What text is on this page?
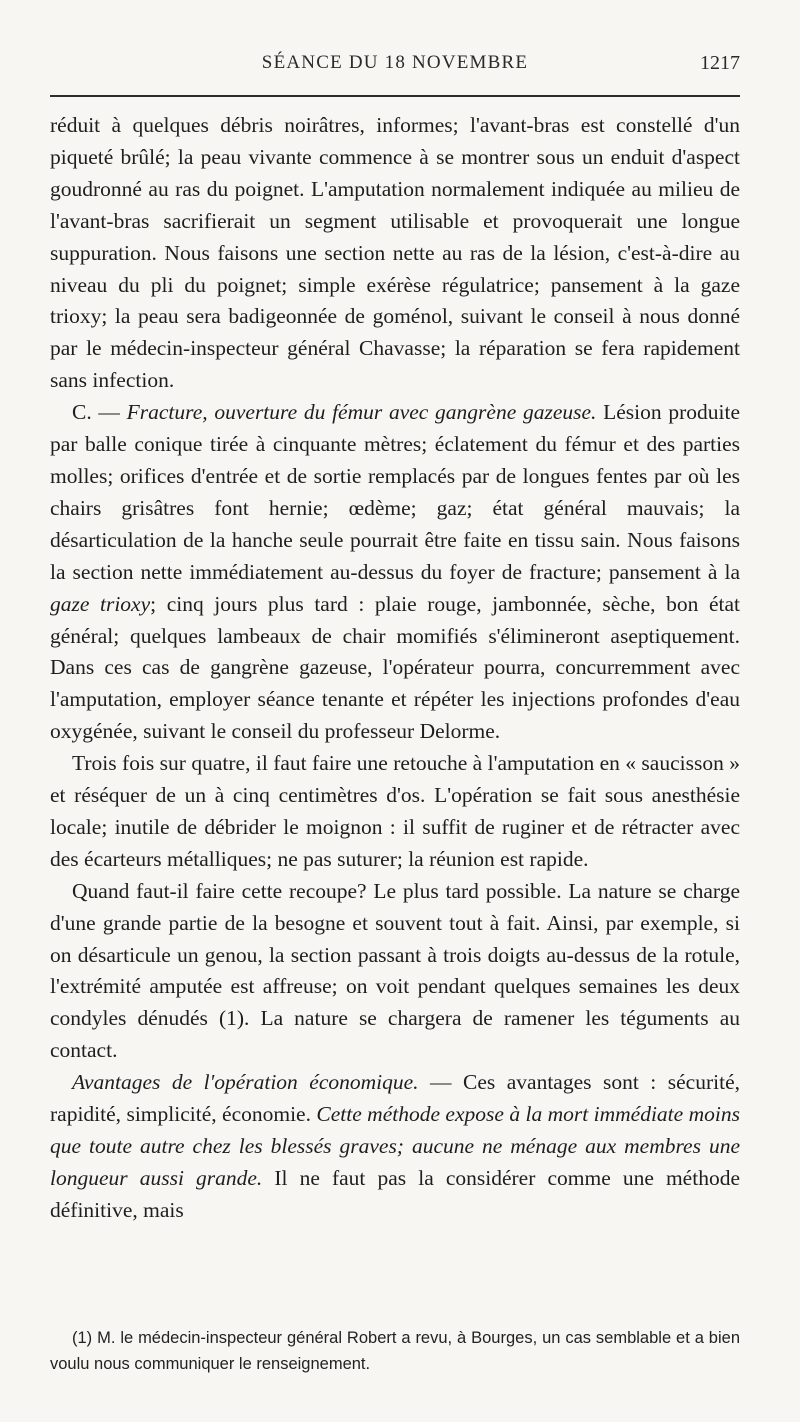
SÉANCE DU 18 NOVEMBRE	1217

réduit à quelques débris noirâtres, informes; l'avant-bras est constellé d'un piqueté brûlé; la peau vivante commence à se montrer sous un enduit d'aspect goudronné au ras du poignet. L'amputation normalement indiquée au milieu de l'avant-bras sacrifierait un segment utilisable et provoquerait une longue suppuration. Nous faisons une section nette au ras de la lésion, c'est-à-dire au niveau du pli du poignet; simple exérèse régulatrice; pansement à la gaze trioxy; la peau sera badigeonnée de goménol, suivant le conseil à nous donné par le médecin-inspecteur général Chavasse; la réparation se fera rapidement sans infection.

C. — Fracture, ouverture du fémur avec gangrène gazeuse. Lésion produite par balle conique tirée à cinquante mètres; éclatement du fémur et des parties molles; orifices d'entrée et de sortie remplacés par de longues fentes par où les chairs grisâtres font hernie; œdème; gaz; état général mauvais; la désarticulation de la hanche seule pourrait être faite en tissu sain. Nous faisons la section nette immédiatement au-dessus du foyer de fracture; pansement à la gaze trioxy; cinq jours plus tard : plaie rouge, jambonnée, sèche, bon état général; quelques lambeaux de chair momifiés s'élimineront aseptiquement. Dans ces cas de gangrène gazeuse, l'opérateur pourra, concurremment avec l'amputation, employer séance tenante et répéter les injections profondes d'eau oxygénée, suivant le conseil du professeur Delorme.

Trois fois sur quatre, il faut faire une retouche à l'amputation en « saucisson » et réséquer de un à cinq centimètres d'os. L'opération se fait sous anesthésie locale; inutile de débrider le moignon : il suffit de ruginer et de rétracter avec des écarteurs métalliques; ne pas suturer; la réunion est rapide.

Quand faut-il faire cette recoupe? Le plus tard possible. La nature se charge d'une grande partie de la besogne et souvent tout à fait. Ainsi, par exemple, si on désarticule un genou, la section passant à trois doigts au-dessus de la rotule, l'extrémité amputée est affreuse; on voit pendant quelques semaines les deux condyles dénudés (1). La nature se chargera de ramener les téguments au contact.

Avantages de l'opération économique. — Ces avantages sont : sécurité, rapidité, simplicité, économie. Cette méthode expose à la mort immédiate moins que toute autre chez les blessés graves; aucune ne ménage aux membres une longueur aussi grande. Il ne faut pas la considérer comme une méthode définitive, mais

(1) M. le médecin-inspecteur général Robert a revu, à Bourges, un cas semblable et a bien voulu nous communiquer le renseignement.
